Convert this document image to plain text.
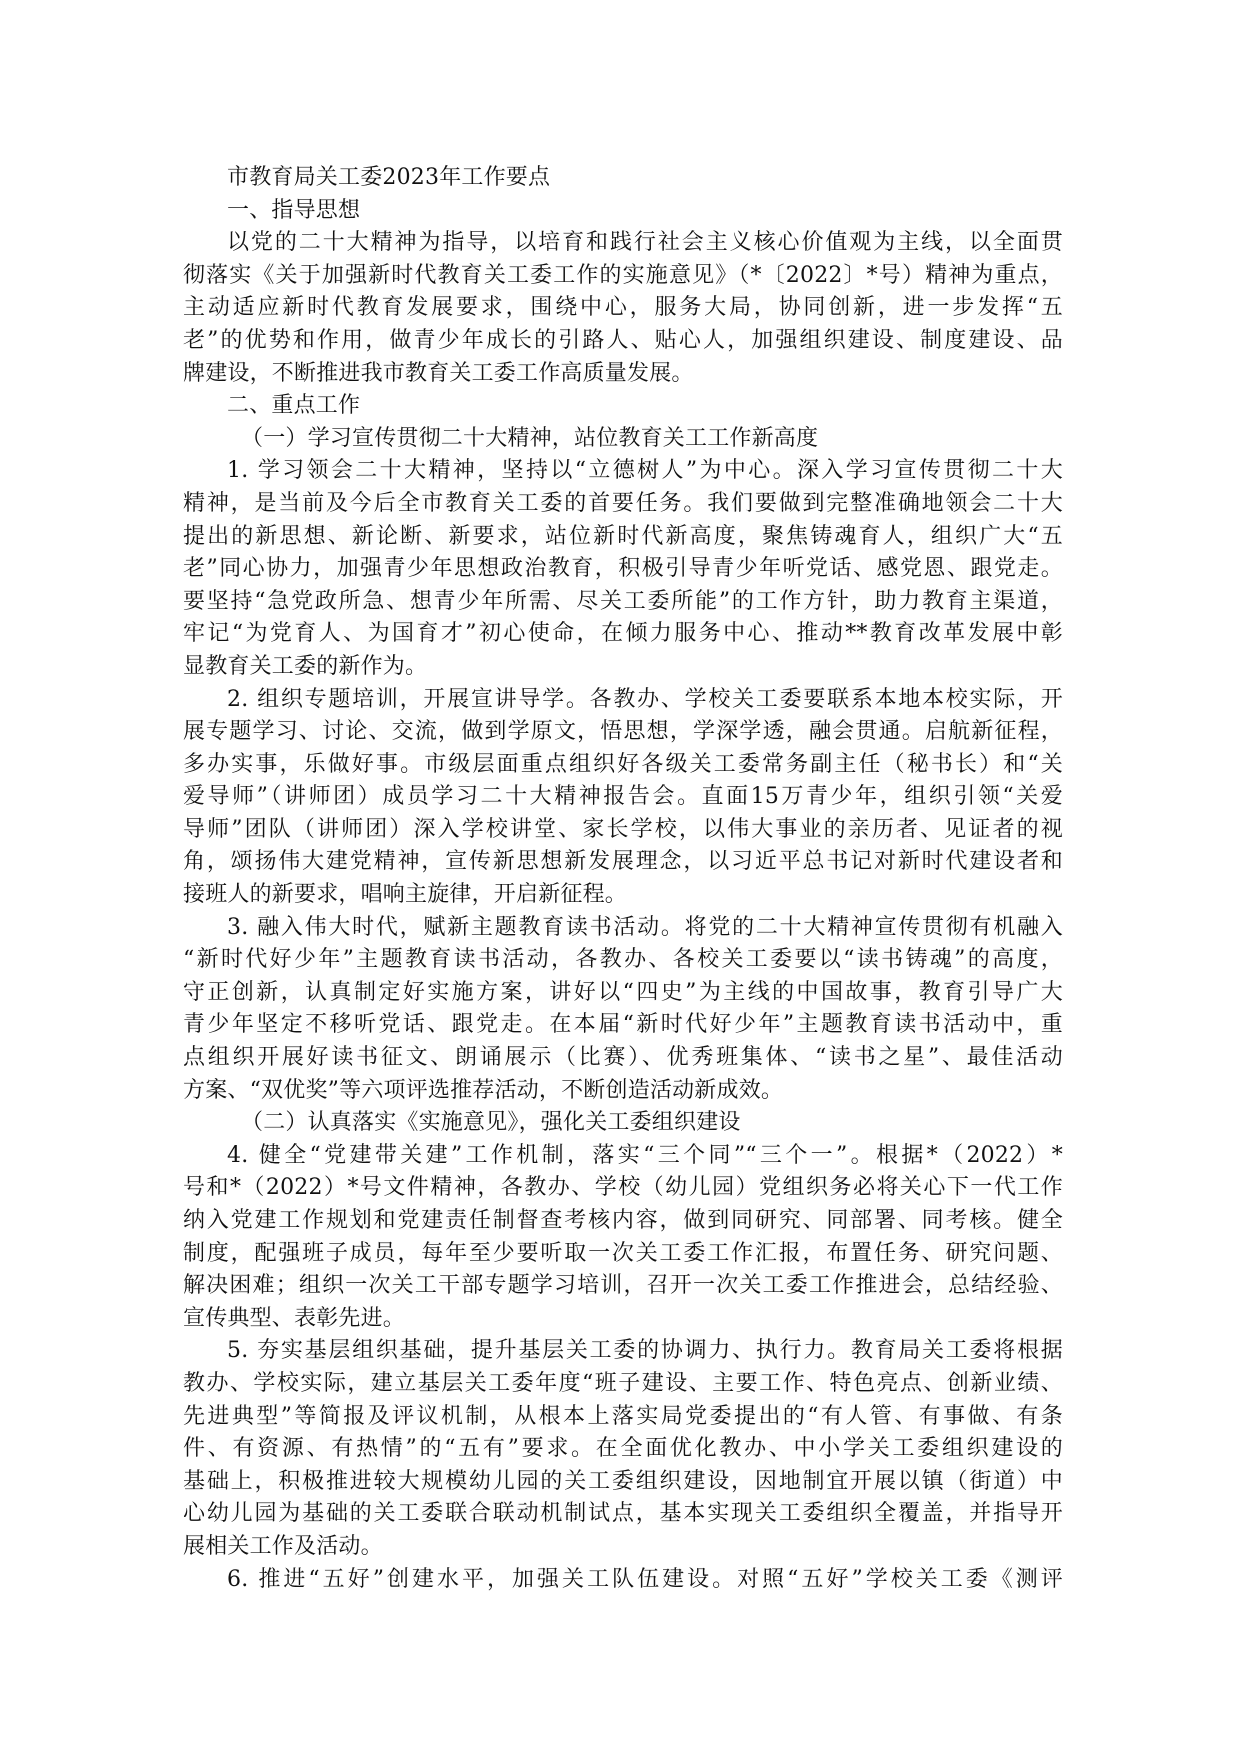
市教育局关工委2023年工作要点
一、指导思想
以党的二十大精神为指导，以培育和践行社会主义核心价值观为主线，以全面贯
彻落实《关于加强新时代教育关工委工作的实施意见》（*〔2022〕*号）精神为重点，
主动适应新时代教育发展要求，围绕中心，服务大局，协同创新，进一步发挥“五
老”的优势和作用，做青少年成长的引路人、贴心人，加强组织建设、制度建设、品
牌建设，不断推进我市教育关工委工作高质量发展。
二、重点工作
（一）学习宣传贯彻二十大精神，站位教育关工工作新高度
1. 学习领会二十大精神，坚持以“立德树人”为中心。深入学习宣传贯彻二十大
精神，是当前及今后全市教育关工委的首要任务。我们要做到完整准确地领会二十大
提出的新思想、新论断、新要求，站位新时代新高度，聚焦铸魂育人，组织广大“五
老”同心协力，加强青少年思想政治教育，积极引导青少年听党话、感党恩、跟党走。
要坚持“急党政所急、想青少年所需、尽关工委所能”的工作方针，助力教育主渠道，
牢记“为党育人、为国育才”初心使命，在倾力服务中心、推动**教育改革发展中彰
显教育关工委的新作为。
2. 组织专题培训，开展宣讲导学。各教办、学校关工委要联系本地本校实际，开
展专题学习、讨论、交流，做到学原文，悟思想，学深学透，融会贯通。启航新征程，
多办实事，乐做好事。市级层面重点组织好各级关工委常务副主任（秘书长）和“关
爱导师”（讲师团）成员学习二十大精神报告会。直面15万青少年，组织引领“关爱
导师”团队（讲师团）深入学校讲堂、家长学校，以伟大事业的亲历者、见证者的视
角，颂扬伟大建党精神，宣传新思想新发展理念，以习近平总书记对新时代建设者和
接班人的新要求，唱响主旋律，开启新征程。
3. 融入伟大时代，赋新主题教育读书活动。将党的二十大精神宣传贯彻有机融入
“新时代好少年”主题教育读书活动，各教办、各校关工委要以“读书铸魂”的高度，
守正创新，认真制定好实施方案，讲好以“四史”为主线的中国故事，教育引导广大
青少年坚定不移听党话、跟党走。在本届“新时代好少年”主题教育读书活动中，重
点组织开展好读书征文、朗诵展示（比赛）、优秀班集体、“读书之星”、最佳活动
方案、“双优奖”等六项评选推荐活动，不断创造活动新成效。
（二）认真落实《实施意见》，强化关工委组织建设
4. 健全“党建带关建”工作机制，落实“三个同”“三个一”。根据*（2022）*
号和*（2022）*号文件精神，各教办、学校（幼儿园）党组织务必将关心下一代工作
纳入党建工作规划和党建责任制督查考核内容，做到同研究、同部署、同考核。健全
制度，配强班子成员，每年至少要听取一次关工委工作汇报，布置任务、研究问题、
解决困难；组织一次关工干部专题学习培训，召开一次关工委工作推进会，总结经验、
宣传典型、表彰先进。
5. 夯实基层组织基础，提升基层关工委的协调力、执行力。教育局关工委将根据
教办、学校实际，建立基层关工委年度“班子建设、主要工作、特色亮点、创新业绩、
先进典型”等简报及评议机制，从根本上落实局党委提出的“有人管、有事做、有条
件、有资源、有热情”的“五有”要求。在全面优化教办、中小学关工委组织建设的
基础上，积极推进较大规模幼儿园的关工委组织建设，因地制宜开展以镇（街道）中
心幼儿园为基础的关工委联合联动机制试点，基本实现关工委组织全覆盖，并指导开
展相关工作及活动。
6. 推进“五好”创建水平，加强关工队伍建设。对照“五好”学校关工委《测评
